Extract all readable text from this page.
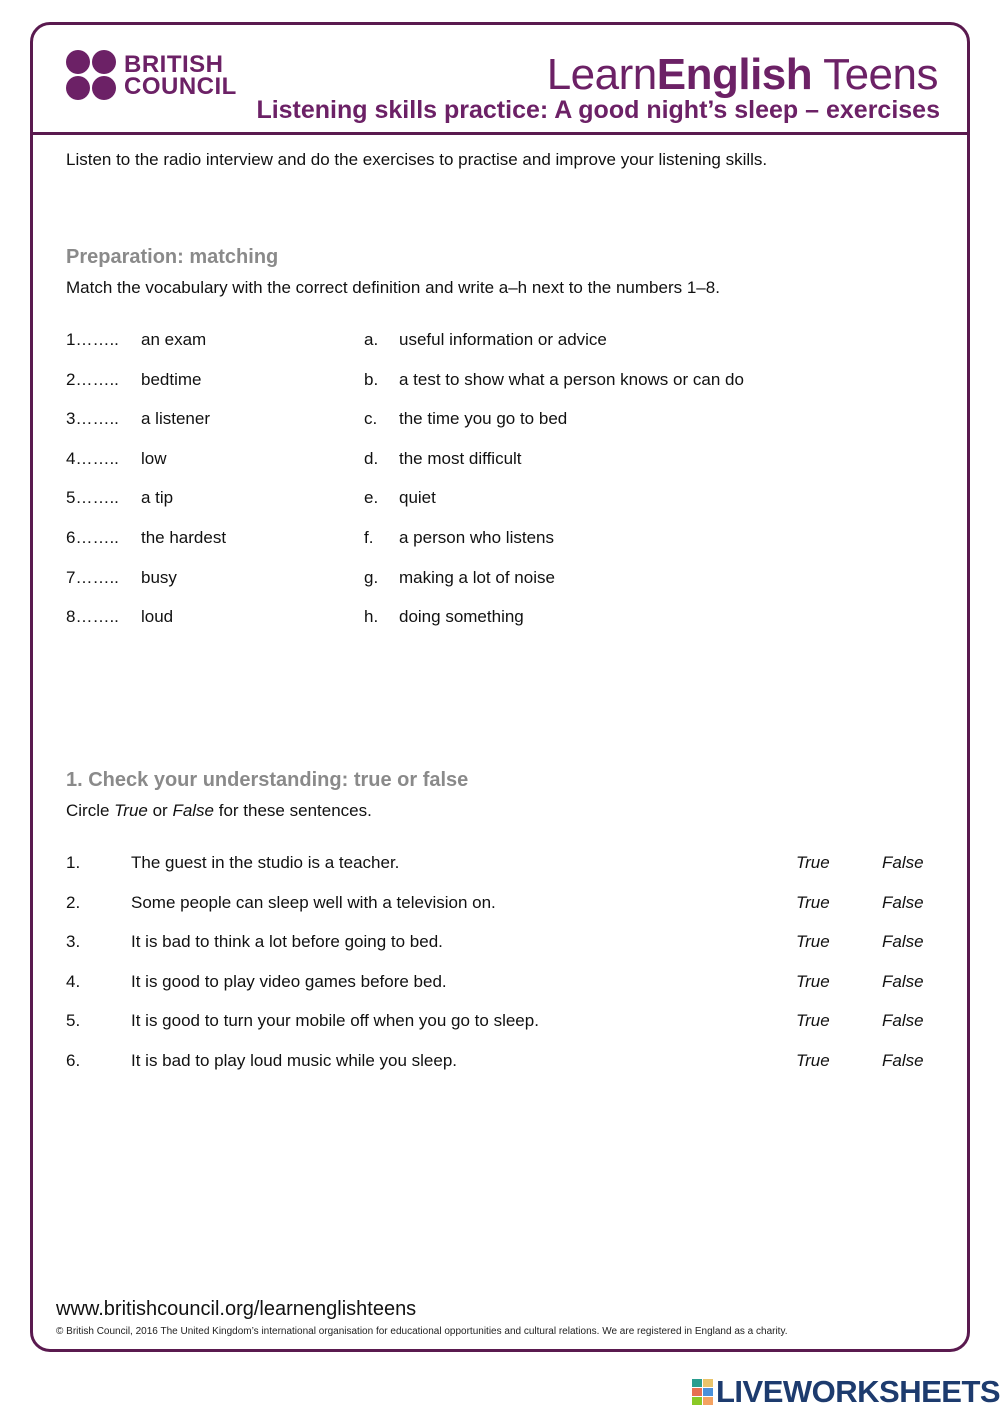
BRITISH
COUNCIL	LearnEnglish Teens
Listening skills practice: A good night’s sleep – exercises
Listen to the radio interview and do the exercises to practise and improve your listening skills.
Preparation: matching
Match the vocabulary with the correct definition and write a–h next to the numbers 1–8.
1…….. an exam	a. useful information or advice
2…….. bedtime	b. a test to show what a person knows or can do
3…….. a listener	c. the time you go to bed
4…….. low	d. the most difficult
5…….. a tip	e. quiet
6…….. the hardest	f. a person who listens
7…….. busy	g. making a lot of noise
8…….. loud	h. doing something
1. Check your understanding: true or false
Circle True or False for these sentences.
1.	The guest in the studio is a teacher.	True	False
2.	Some people can sleep well with a television on.	True	False
3.	It is bad to think a lot before going to bed.	True	False
4.	It is good to play video games before bed.	True	False
5.	It is good to turn your mobile off when you go to sleep.	True	False
6.	It is bad to play loud music while you sleep.	True	False
www.britishcouncil.org/learnenglishteens
© British Council, 2016 The United Kingdom’s international organisation for educational opportunities and cultural relations. We are registered in England as a charity.
LIVEWORKSHEETS
